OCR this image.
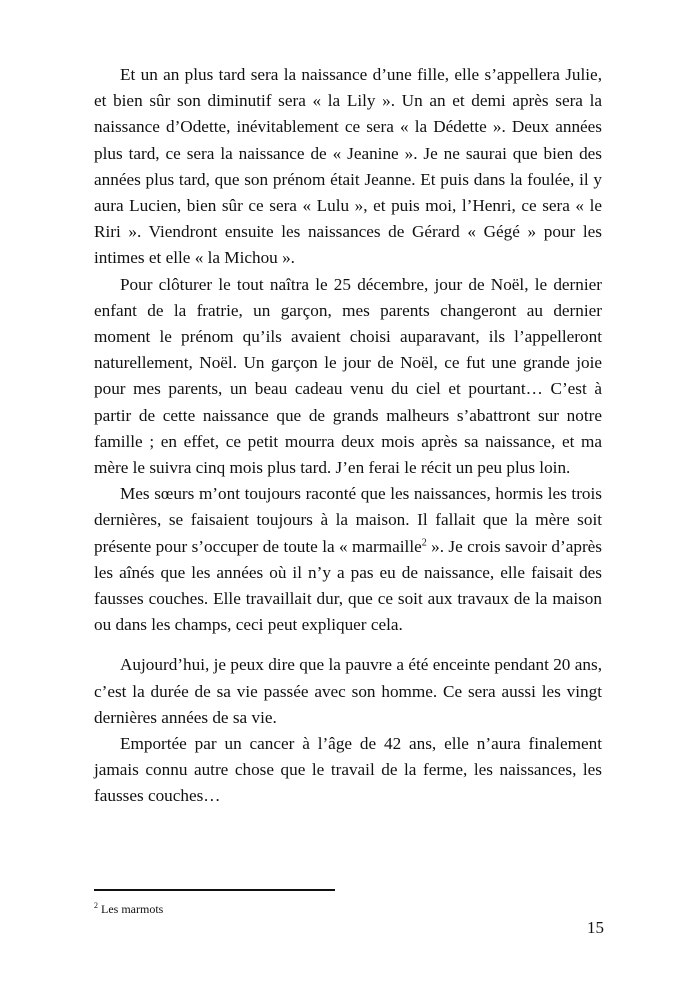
Et un an plus tard sera la naissance d’une fille, elle s’appellera Julie, et bien sûr son diminutif sera « la Lily ». Un an et demi après sera la naissance d’Odette, inévitablement ce sera « la Dédette ». Deux années plus tard, ce sera la naissance de « Jeanine ». Je ne saurai que bien des années plus tard, que son prénom était Jeanne. Et puis dans la foulée, il y aura Lucien, bien sûr ce sera « Lulu », et puis moi, l’Henri, ce sera « le Riri ». Viendront ensuite les naissances de Gérard « Gégé » pour les intimes et elle « la Michou ».

Pour clôturer le tout naîtra le 25 décembre, jour de Noël, le dernier enfant de la fratrie, un garçon, mes parents changeront au dernier moment le prénom qu’ils avaient choisi auparavant, ils l’appelleront naturellement, Noël. Un garçon le jour de Noël, ce fut une grande joie pour mes parents, un beau cadeau venu du ciel et pourtant… C’est à partir de cette naissance que de grands malheurs s’abattront sur notre famille ; en effet, ce petit mourra deux mois après sa naissance, et ma mère le suivra cinq mois plus tard. J’en ferai le récit un peu plus loin.

Mes sœurs m’ont toujours raconté que les naissances, hormis les trois dernières, se faisaient toujours à la maison. Il fallait que la mère soit présente pour s’occuper de toute la « marmaille$^2$ ». Je crois savoir d’après les aînés que les années où il n’y a pas eu de naissance, elle faisait des fausses couches. Elle travaillait dur, que ce soit aux travaux de la maison ou dans les champs, ceci peut expliquer cela.

Aujourd’hui, je peux dire que la pauvre a été enceinte pendant 20 ans, c’est la durée de sa vie passée avec son homme. Ce sera aussi les vingt dernières années de sa vie.

Emportée par un cancer à l’âge de 42 ans, elle n’aura finalement jamais connu autre chose que le travail de la ferme, les naissances, les fausses couches…

$^2$ Les marmots
15
